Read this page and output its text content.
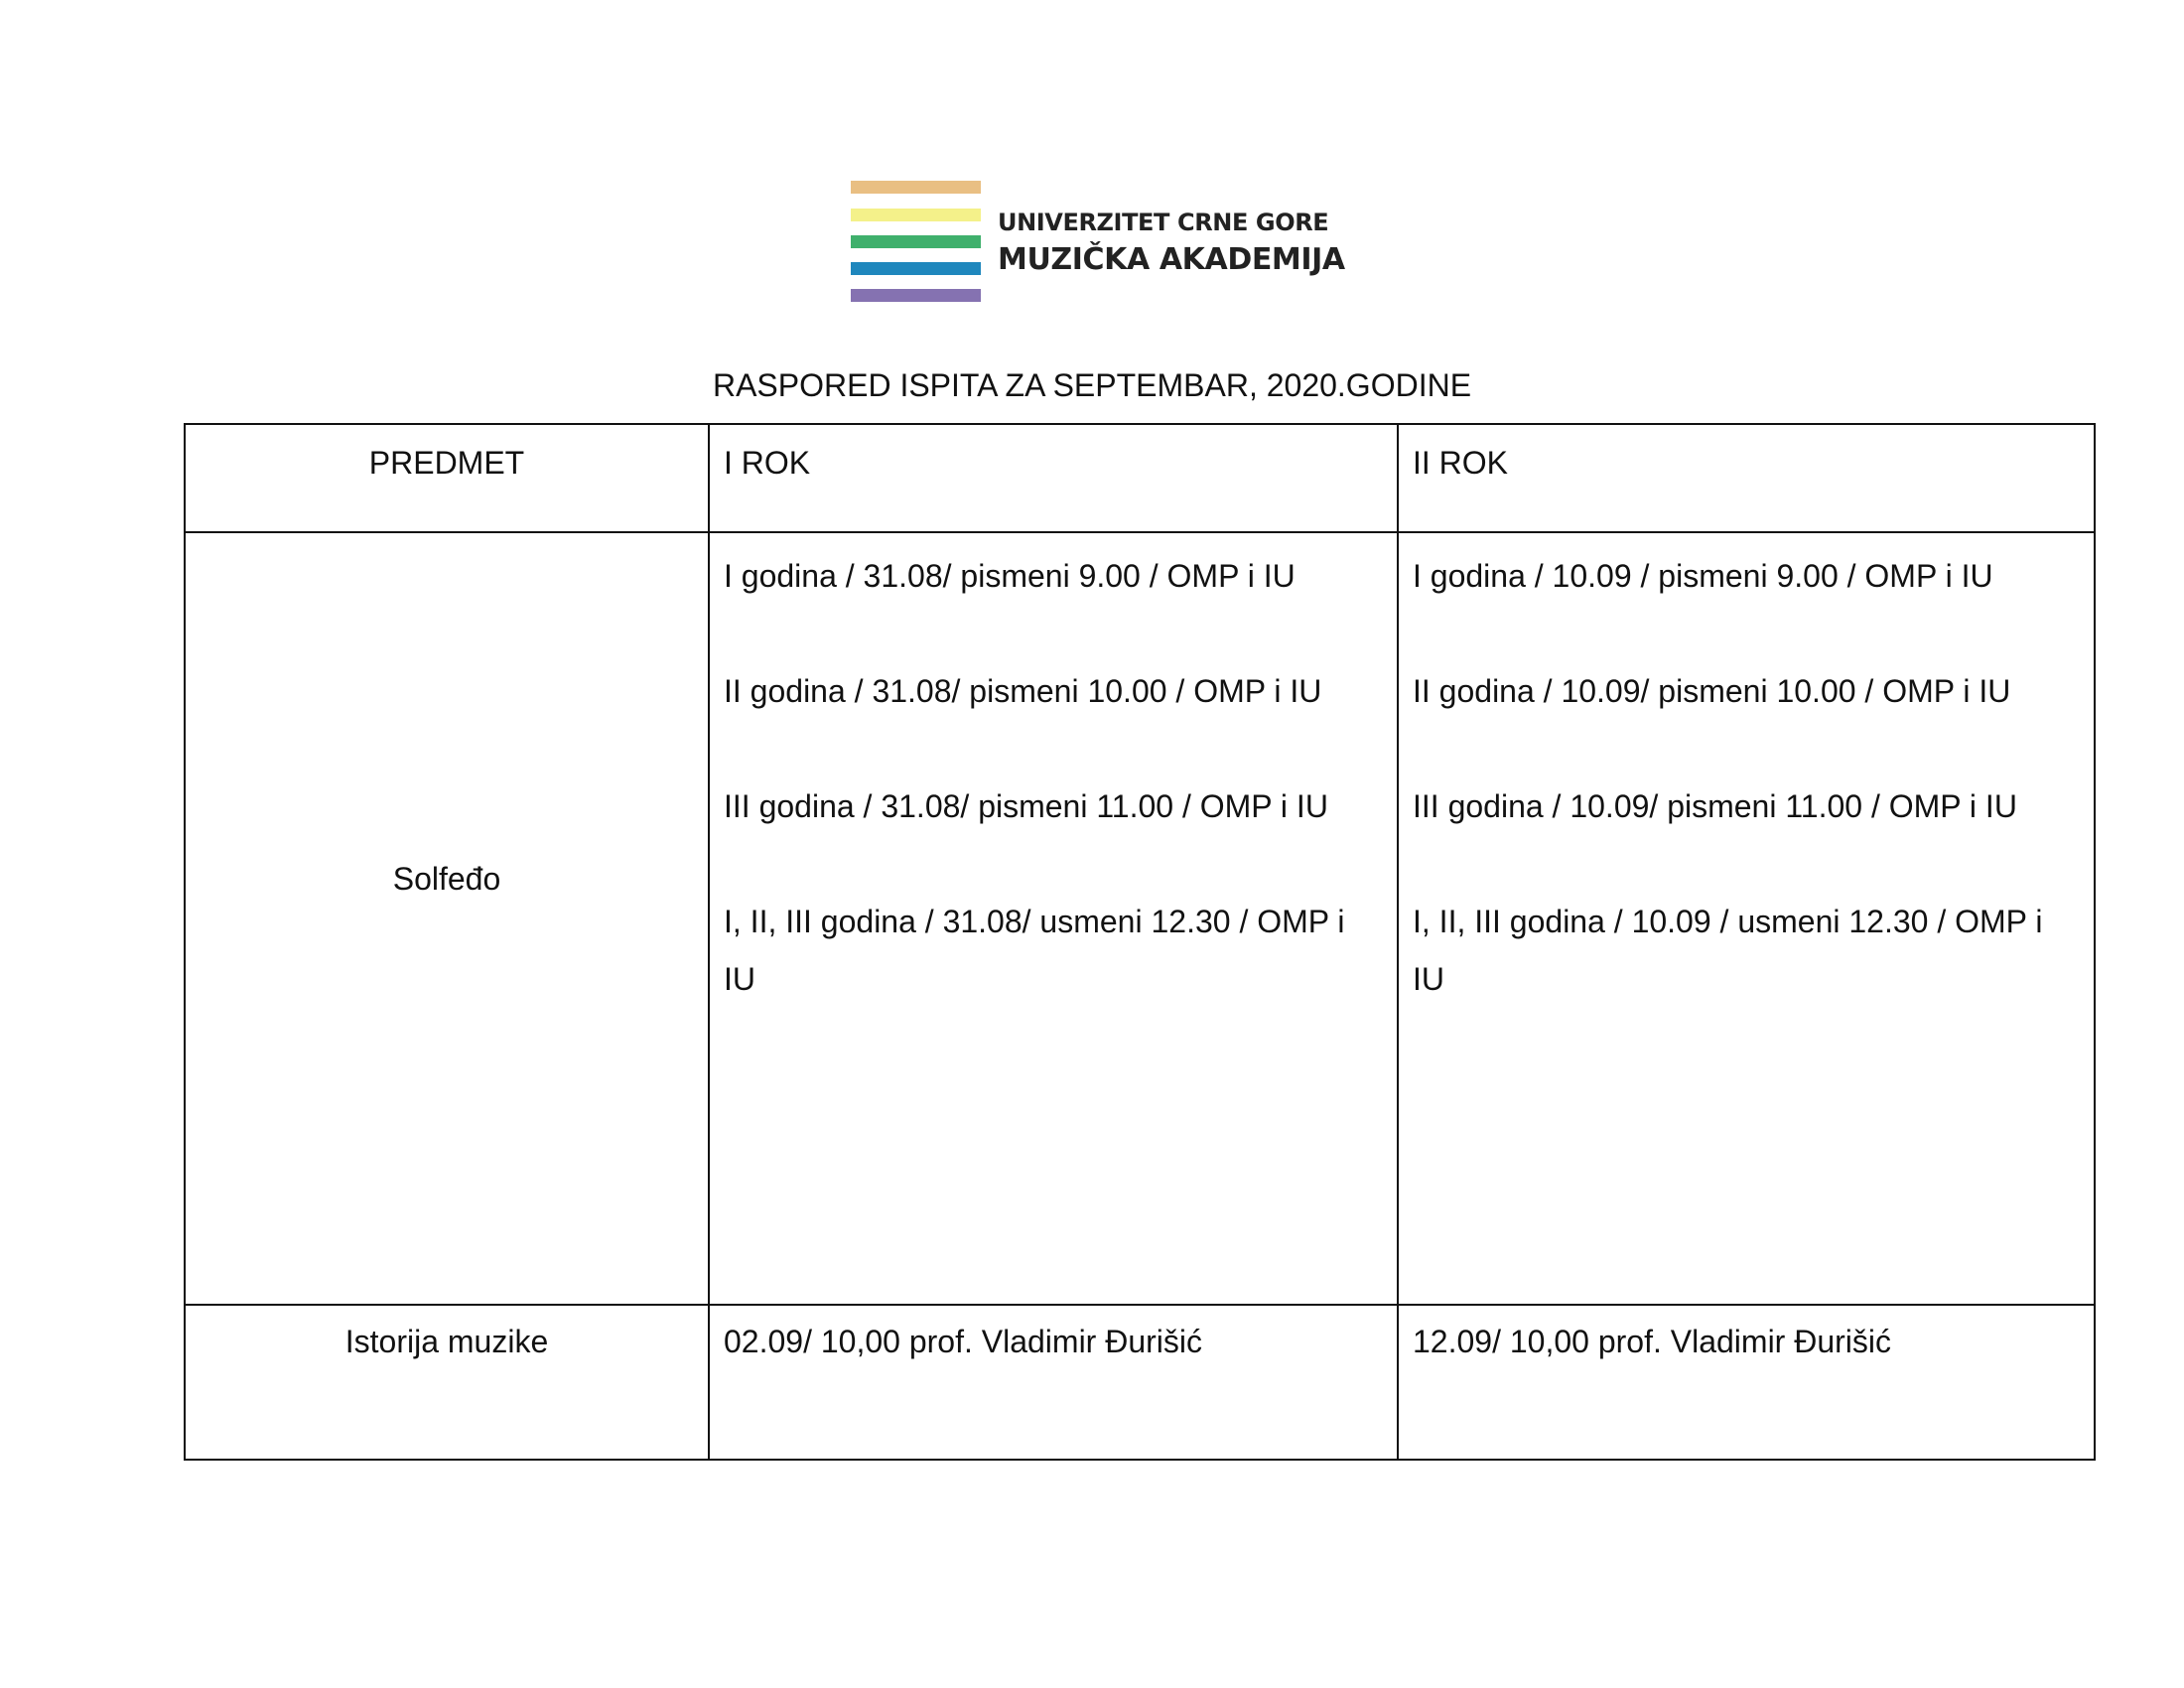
UNIVERZITET CRNE GORE
MUZIČKA AKADEMIJA
RASPORED ISPITA ZA SEPTEMBAR, 2020.GODINE
PREDMET	I ROK	II ROK
Solfeđo	I godina / 31.08/ pismeni 9.00 / OMP i IU
II godina / 31.08/ pismeni 10.00 / OMP i IU
III godina / 31.08/ pismeni 11.00 / OMP i IU
I, II, III godina / 31.08/ usmeni 12.30 / OMP i IU	I godina / 10.09 / pismeni 9.00 / OMP i IU
II godina / 10.09/ pismeni 10.00 / OMP i IU
III godina / 10.09/ pismeni 11.00 / OMP i IU
I, II, III godina / 10.09 / usmeni 12.30 / OMP i IU

Istorija muzike	02.09/ 10,00 prof. Vladimir Đurišić	12.09/ 10,00 prof. Vladimir Đurišić
